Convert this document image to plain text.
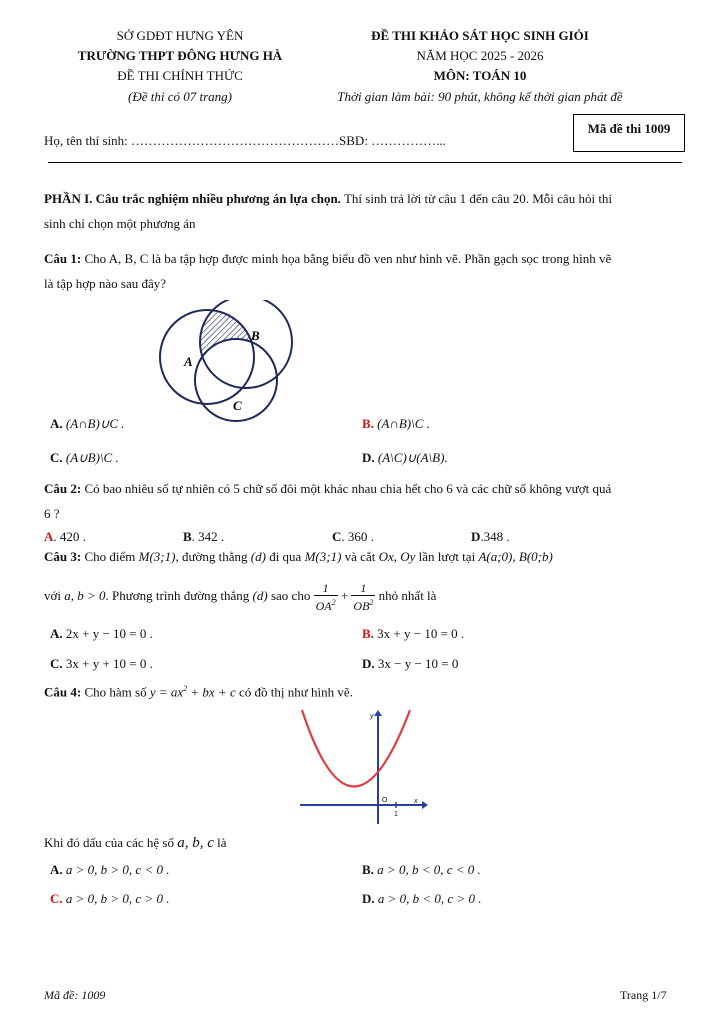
SỞ GDĐT HƯNG YÊN
TRƯỜNG THPT ĐÔNG HƯNG HÀ
ĐỀ THI CHÍNH THỨC
(Đề thi có 07 trang)
ĐỀ THI KHẢO SÁT HỌC SINH GIỎI
NĂM HỌC 2025 - 2026
MÔN: TOÁN 10
Thời gian làm bài: 90 phút, không kể thời gian phát đề
Mã đề thi 1009
Họ, tên thí sinh: …………………………………………SBD: ……………...
PHẦN I. Câu trắc nghiệm nhiều phương án lựa chọn. Thí sinh trả lời từ câu 1 đến câu 20. Mỗi câu hỏi thí
sinh chỉ chọn một phương án
Câu 1: Cho A, B, C là ba tập hợp được minh họa bằng biểu đồ ven như hình vẽ. Phần gạch sọc trong hình vẽ
là tập hợp nào sau đây?
A
B
C
A. (A∩B)∪C .	B. (A∩B)\C .
C. (A∪B)\C .	D. (A\C)∪(A\B).
Câu 2: Có bao nhiêu số tự nhiên có 5 chữ số đôi một khác nhau chia hết cho 6 và các chữ số không vượt quá
6 ?
A. 420 .	B. 342 .	C. 360 .	D.348 .
Câu 3: Cho điểm M(3;1), đường thẳng (d) đi qua M(3;1) và cắt Ox, Oy lần lượt tại A(a;0), B(0;b)
với a, b > 0. Phương trình đường thẳng (d) sao cho $\frac{1}{OA^2} + \frac{1}{OB^2}$ nhỏ nhất là
A. 2x + y − 10 = 0 .	B. 3x + y − 10 = 0 .
C. 3x + y + 10 = 0 .	D. 3x − y − 10 = 0
Câu 4: Cho hàm số $y = ax^2$ + bx + c có đồ thị như hình vẽ.
O
y
x
1
Khi đó dấu của các hệ số a, b, c là
A. a > 0, b > 0, c < 0 .	B. a > 0, b < 0, c < 0 .
C. a > 0, b > 0, c > 0 .	D. a > 0, b < 0, c > 0 .
Mã đề: 1009	Trang 1/7
